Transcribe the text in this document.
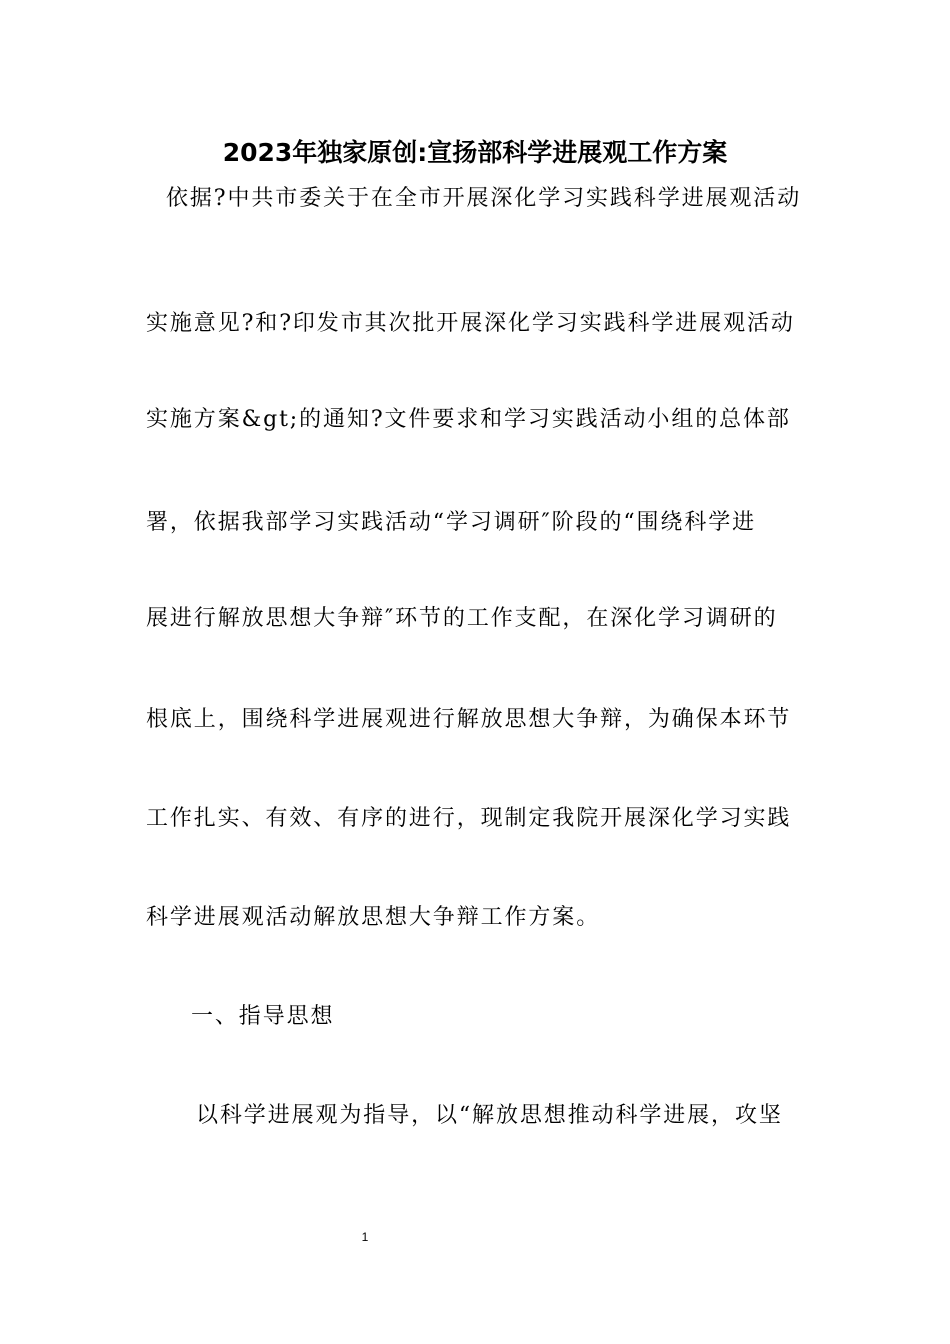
2023年独家原创:宣扬部科学进展观工作方案
依据?中共市委关于在全市开展深化学习实践科学进展观活动
实施意见?和?印发市其次批开展深化学习实践科学进展观活动
实施方案&gt;的通知?文件要求和学习实践活动小组的总体部
署，依据我部学习实践活动“学习调研″阶段的“围绕科学进
展进行解放思想大争辩″环节的工作支配，在深化学习调研的
根底上，围绕科学进展观进行解放思想大争辩，为确保本环节
工作扎实、有效、有序的进行，现制定我院开展深化学习实践
科学进展观活动解放思想大争辩工作方案。
一、指导思想
以科学进展观为指导，以“解放思想推动科学进展，攻坚
1
